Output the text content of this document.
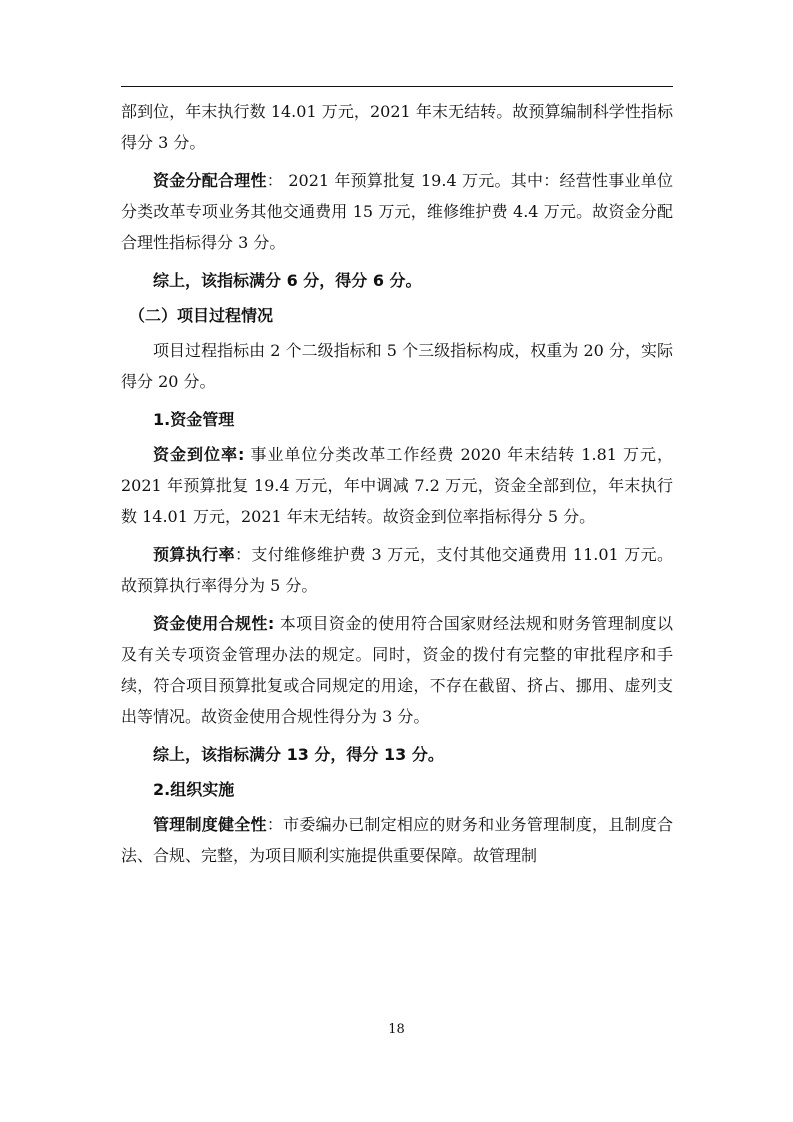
部到位，年末执行数 14.01 万元，2021 年末无结转。故预算编制科学性指标得分 3 分。

资金分配合理性： 2021 年预算批复 19.4 万元。其中：经营性事业单位分类改革专项业务其他交通费用 15 万元，维修维护费 4.4 万元。故资金分配合理性指标得分 3 分。

综上，该指标满分 6 分，得分 6 分。

（二）项目过程情况

项目过程指标由 2 个二级指标和 5 个三级指标构成，权重为 20 分，实际得分 20 分。

1.资金管理

资金到位率: 事业单位分类改革工作经费 2020 年末结转 1.81 万元，2021 年预算批复 19.4 万元，年中调减 7.2 万元，资金全部到位，年末执行数 14.01 万元，2021 年末无结转。故资金到位率指标得分 5 分。

预算执行率：支付维修维护费 3 万元，支付其他交通费用 11.01 万元。故预算执行率得分为 5 分。

资金使用合规性: 本项目资金的使用符合国家财经法规和财务管理制度以及有关专项资金管理办法的规定。同时，资金的拨付有完整的审批程序和手续，符合项目预算批复或合同规定的用途，不存在截留、挤占、挪用、虚列支出等情况。故资金使用合规性得分为 3 分。

综上，该指标满分 13 分，得分 13 分。

2.组织实施

管理制度健全性：市委编办已制定相应的财务和业务管理制度，且制度合法、合规、完整，为项目顺利实施提供重要保障。故管理制

18
